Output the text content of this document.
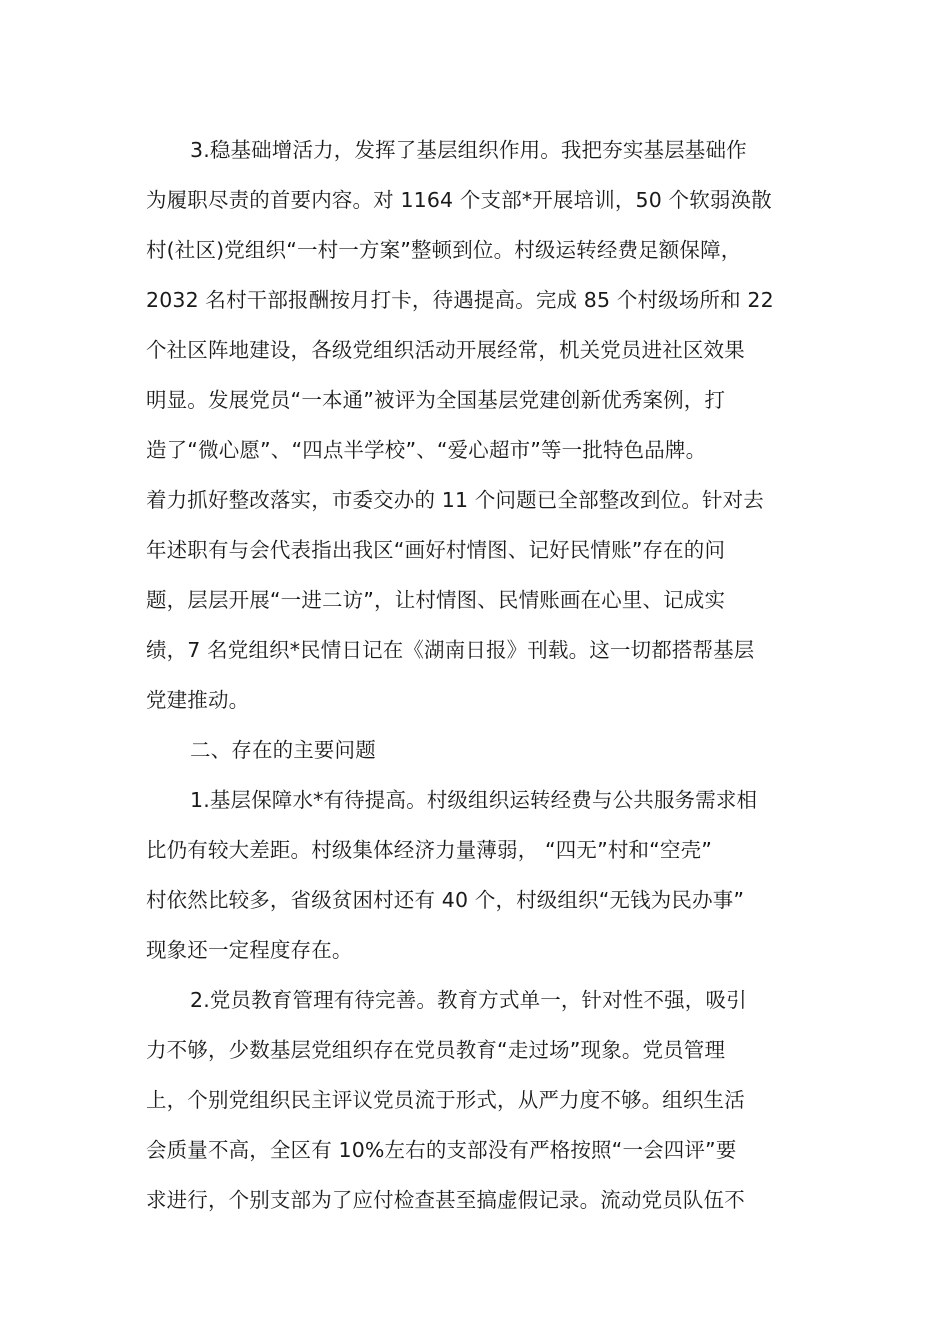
3.稳基础增活力，发挥了基层组织作用。我把夯实基层基础作
为履职尽责的首要内容。对 1164 个支部*开展培训，50 个软弱涣散
村(社区)党组织“一村一方案”整顿到位。村级运转经费足额保障，
2032 名村干部报酬按月打卡，待遇提高。完成 85 个村级场所和 22
个社区阵地建设，各级党组织活动开展经常，机关党员进社区效果
明显。发展党员“一本通”被评为全国基层党建创新优秀案例，打
造了“微心愿”、“四点半学校”、“爱心超市”等一批特色品牌。
着力抓好整改落实，市委交办的 11 个问题已全部整改到位。针对去
年述职有与会代表指出我区“画好村情图、记好民情账”存在的问
题，层层开展“一进二访”，让村情图、民情账画在心里、记成实
绩，7 名党组织*民情日记在《湖南日报》刊载。这一切都搭帮基层
党建推动。
二、存在的主要问题
1.基层保障水*有待提高。村级组织运转经费与公共服务需求相
比仍有较大差距。村级集体经济力量薄弱， “四无”村和“空壳”
村依然比较多，省级贫困村还有 40 个，村级组织“无钱为民办事”
现象还一定程度存在。
2.党员教育管理有待完善。教育方式单一，针对性不强，吸引
力不够，少数基层党组织存在党员教育“走过场”现象。党员管理
上，个别党组织民主评议党员流于形式，从严力度不够。组织生活
会质量不高，全区有 10%左右的支部没有严格按照“一会四评”要
求进行，个别支部为了应付检查甚至搞虚假记录。流动党员队伍不
